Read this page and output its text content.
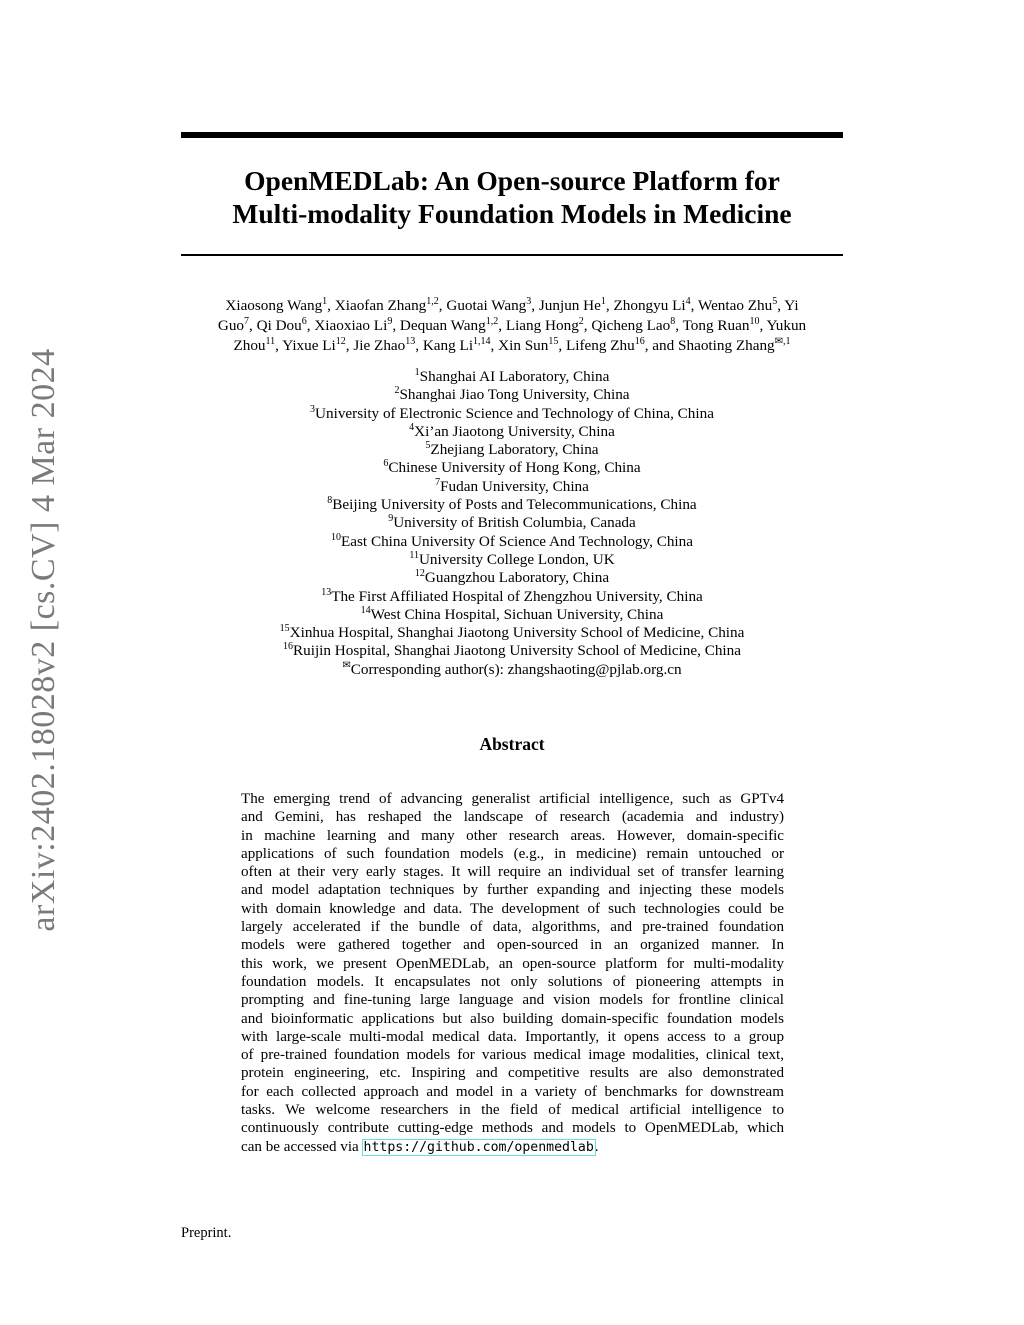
arXiv:2402.18028v2 [cs.CV] 4 Mar 2024
OpenMEDLab: An Open-source Platform for
Multi-modality Foundation Models in Medicine
Xiaosong Wang$^1$, Xiaofan Zhang$^{1,2}$, Guotai Wang$^3$, Junjun He$^1$, Zhongyu Li$^4$, Wentao Zhu$^5$, Yi
Guo$^7$, Qi Dou$^6$, Xiaoxiao Li$^9$, Dequan Wang$^{1,2}$, Liang Hong$^2$, Qicheng Lao$^8$, Tong Ruan$^{10}$, Yukun
Zhou$^{11}$, Yixue Li$^{12}$, Jie Zhao$^{13}$, Kang Li$^{1,14}$, Xin Sun$^{15}$, Lifeng Zhu$^{16}$, and Shaoting Zhang$^{✉,1}$
$^1$Shanghai AI Laboratory, China
$^2$Shanghai Jiao Tong University, China
$^3$University of Electronic Science and Technology of China, China
$^4$Xi’an Jiaotong University, China
$^5$Zhejiang Laboratory, China
$^6$Chinese University of Hong Kong, China
$^7$Fudan University, China
$^8$Beijing University of Posts and Telecommunications, China
$^9$University of British Columbia, Canada
$^{10}$East China University Of Science And Technology, China
$^{11}$University College London, UK
$^{12}$Guangzhou Laboratory, China
$^{13}$The First Affiliated Hospital of Zhengzhou University, China
$^{14}$West China Hospital, Sichuan University, China
$^{15}$Xinhua Hospital, Shanghai Jiaotong University School of Medicine, China
$^{16}$Ruijin Hospital, Shanghai Jiaotong University School of Medicine, China
✉Corresponding author(s): zhangshaoting@pjlab.org.cn
Abstract
The emerging trend of advancing generalist artificial intelligence, such as GPTv4
and Gemini, has reshaped the landscape of research (academia and industry)
in machine learning and many other research areas. However, domain-specific
applications of such foundation models (e.g., in medicine) remain untouched or
often at their very early stages. It will require an individual set of transfer learning
and model adaptation techniques by further expanding and injecting these models
with domain knowledge and data. The development of such technologies could be
largely accelerated if the bundle of data, algorithms, and pre-trained foundation
models were gathered together and open-sourced in an organized manner. In
this work, we present OpenMEDLab, an open-source platform for multi-modality
foundation models. It encapsulates not only solutions of pioneering attempts in
prompting and fine-tuning large language and vision models for frontline clinical
and bioinformatic applications but also building domain-specific foundation models
with large-scale multi-modal medical data. Importantly, it opens access to a group
of pre-trained foundation models for various medical image modalities, clinical text,
protein engineering, etc. Inspiring and competitive results are also demonstrated
for each collected approach and model in a variety of benchmarks for downstream
tasks. We welcome researchers in the field of medical artificial intelligence to
continuously contribute cutting-edge methods and models to OpenMEDLab, which
can be accessed via https://github.com/openmedlab.
Preprint.
